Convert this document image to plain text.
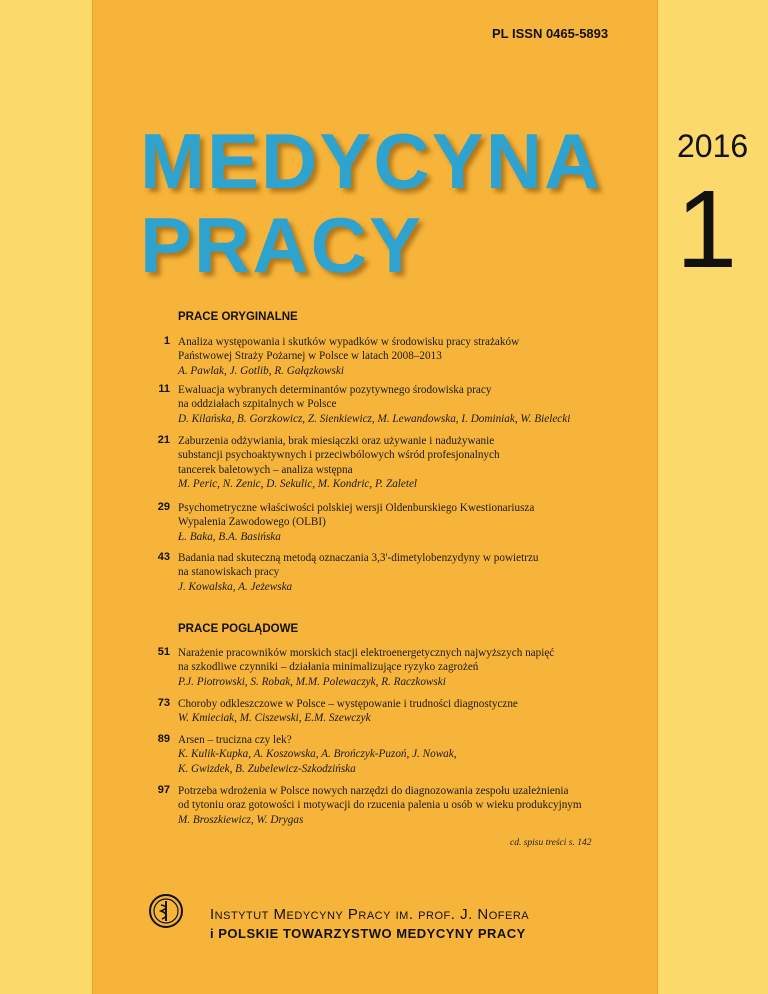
PL ISSN 0465-5893
MEDYCYNA
PRACY
2016
1
PRACE ORYGINALNE
1 Analiza występowania i skutków wypadków w środowisku pracy strażaków
Państwowej Straży Pożarnej w Polsce w latach 2008–2013
A. Pawlak, J. Gotlib, R. Gałązkowski
11 Ewaluacja wybranych determinantów pozytywnego środowiska pracy
na oddziałach szpitalnych w Polsce
D. Kilańska, B. Gorzkowicz, Z. Sienkiewicz, M. Lewandowska, I. Dominiak, W. Bielecki
21 Zaburzenia odżywiania, brak miesiączki oraz używanie i nadużywanie
substancji psychoaktywnych i przeciwbólowych wśród profesjonalnych
tancerek baletowych – analiza wstępna
M. Peric, N. Zenic, D. Sekulic, M. Kondric, P. Zaletel
29 Psychometryczne właściwości polskiej wersji Oldenburskiego Kwestionariusza
Wypalenia Zawodowego (OLBI)
Ł. Baka, B.A. Basińska
43 Badania nad skuteczną metodą oznaczania 3,3'-dimetylobenzydyny w powietrzu
na stanowiskach pracy
J. Kowalska, A. Jeżewska
PRACE POGLĄDOWE
51 Narażenie pracowników morskich stacji elektroenergetycznych najwyższych napięć
na szkodliwe czynniki – działania minimalizujące ryzyko zagrożeń
P.J. Piotrowski, S. Robak, M.M. Polewaczyk, R. Raczkowski
73 Choroby odkleszczowe w Polsce – występowanie i trudności diagnostyczne
W. Kmieciak, M. Ciszewski, E.M. Szewczyk
89 Arsen – trucizna czy lek?
K. Kulik-Kupka, A. Koszowska, A. Brończyk-Puzoń, J. Nowak,
K. Gwizdek, B. Zubelewicz-Szkodzińska
97 Potrzeba wdrożenia w Polsce nowych narzędzi do diagnozowania zespołu uzależnienia
od tytoniu oraz gotowości i motywacji do rzucenia palenia u osób w wieku produkcyjnym
M. Broszkiewicz, W. Drygas
cd. spisu treści s. 142
Instytut Medycyny Pracy im. prof. J. Nofera
i POLSKIE TOWARZYSTWO MEDYCYNY PRACY
